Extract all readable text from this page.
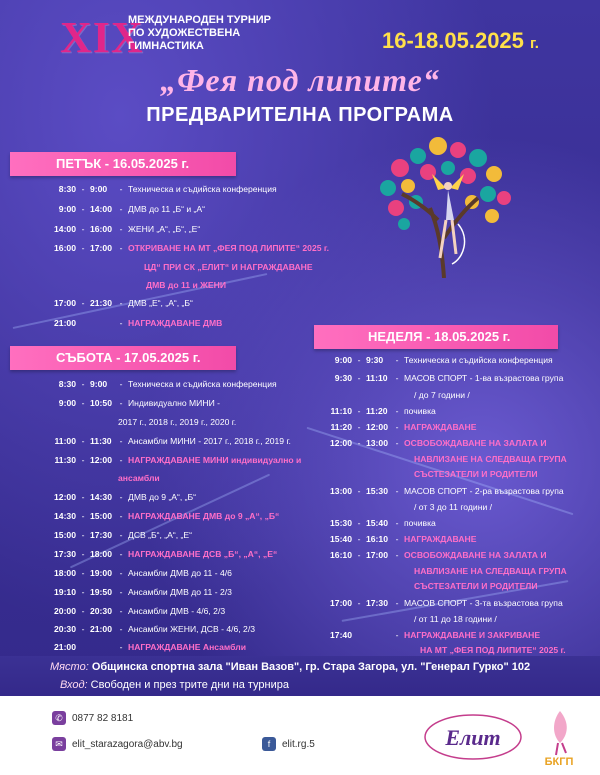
XIX
МЕЖДУНАРОДЕН ТУРНИР
ПО ХУДОЖЕСТВЕНА
ГИМНАСТИКА	16-18.05.2025 г.
„Фея под липите“
ПРЕДВАРИТЕЛНА ПРОГРАМА
ПЕТЪК - 16.05.2025 г.
8:30 - 9:00	- Техническа и съдийска конференция
9:00 - 14:00 - ДМВ до 11 „Б“ и „А“
14:00 - 16:00 - ЖЕНИ „А“, „Б“, „Е“
16:00 - 17:00 - ОТКРИВАНЕ НА МТ „ФЕЯ ПОД ЛИПИТЕ“ 2025 г.
ЦД“ ПРИ СК „ЕЛИТ“ И НАГРАЖДАВАНЕ
ДМВ до 11 и ЖЕНИ
17:00 - 21:30 - ДМВ „Е“, „А“, „Б“
21:00	- НАГРАЖДАВАНЕ ДМВ
СЪБОТА - 17.05.2025 г.
8:30 - 9:00	- Техническа и съдийска конференция
9:00 - 10:50 - Индивидуално МИНИ -
2017 г., 2018 г., 2019 г., 2020 г.
11:00 - 11:30 - Ансамбли МИНИ - 2017 г., 2018 г., 2019 г.
11:30 - 12:00 - НАГРАЖДАВАНЕ МИНИ индивидуално и
ансамбли
12:00 - 14:30 - ДМВ до 9 „А“, „Б“
14:30 - 15:00 - НАГРАЖДАВАНЕ ДМВ до 9 „А“, „Б“
15:00 - 17:30 - ДСВ „Б“, „А“, „Е“
17:30 - 18:00 - НАГРАЖДАВАНЕ ДСВ „Б“, „А“, „Е“
18:00 - 19:00 - Ансамбли ДМВ до 11 - 4/6
19:10 - 19:50 - Ансамбли ДМВ до 11 - 2/3
20:00 - 20:30 - Ансамбли ДМВ - 4/6, 2/3
20:30 - 21:00 - Ансамбли ЖЕНИ, ДСВ - 4/6, 2/3
21:00	- НАГРАЖДАВАНЕ Ансамбли
НЕДЕЛЯ - 18.05.2025 г.
9:00 - 9:30	- Техническа и съдийска конференция
9:30 - 11:10 - МАСОВ СПОРТ - 1-ва възрастова група
/ до 7 години /
11:10 - 11:20 - почивка
11:20 - 12:00 - НАГРАЖДАВАНЕ
12:00 - 13:00 - ОСВОБОЖДАВАНЕ НА ЗАЛАТА И
НАВЛИЗАНЕ НА СЛЕДВАЩА ГРУПА
СЪСТЕЗАТЕЛИ И РОДИТЕЛИ
13:00 - 15:30 - МАСОВ СПОРТ - 2-ра възрастова група
/ от 3 до 11 години /
15:30 - 15:40 - почивка
15:40 - 16:10 - НАГРАЖДАВАНЕ
16:10 - 17:00 - ОСВОБОЖДАВАНЕ НА ЗАЛАТА И
НАВЛИЗАНЕ НА СЛЕДВАЩА ГРУПА
СЪСТЕЗАТЕЛИ И РОДИТЕЛИ
17:00 - 17:30 - МАСОВ СПОРТ - 3-та възрастова група
/ от 11 до 18 години /
17:40	- НАГРАЖДАВАНЕ И ЗАКРИВАНЕ
НА МТ „ФЕЯ ПОД ЛИПИТЕ“ 2025 г.
Място: Общинска спортна зала "Иван Вазов", гр. Стара Загора, ул. "Генерал Гурко" 102
Вход: Свободен и през трите дни на турнира
✆ 0877 82 8181
✉ elit_starazagora@abv.bg	f	elit.rg.5	Елит
БКГП
